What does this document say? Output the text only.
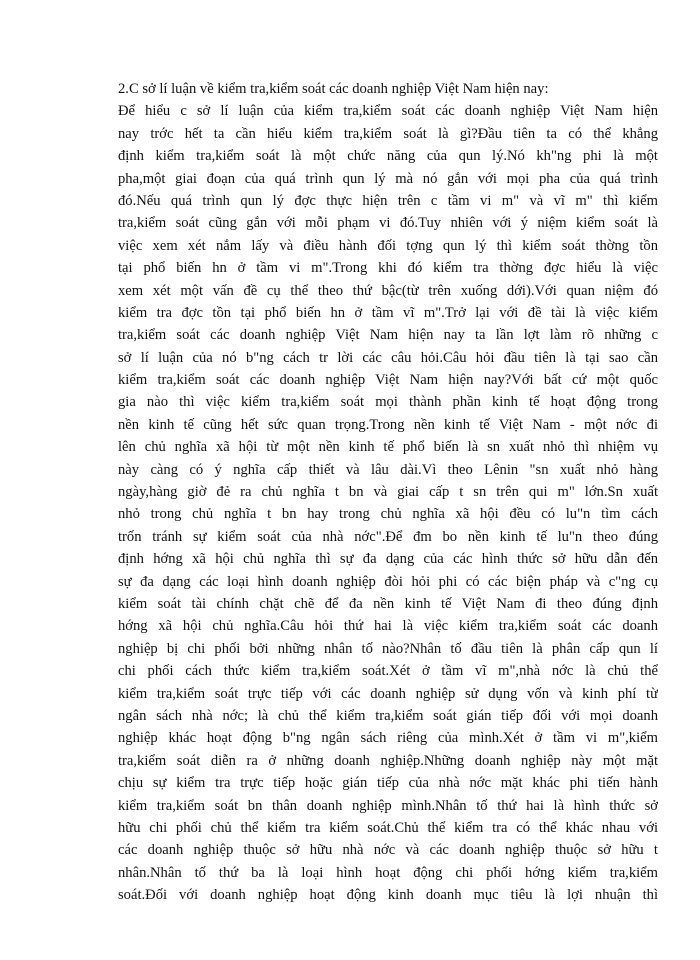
2.C sở lí luận về kiểm tra,kiểm soát các doanh nghiệp Việt Nam hiện nay:
Để hiểu c sở lí luận của kiểm tra,kiểm soát các doanh nghiệp Việt Nam hiện
nay trớc hết ta cần hiểu kiểm tra,kiểm soát là gì?Đầu tiên ta có thể khẳng
định kiểm tra,kiểm soát là một chức năng của qun lý.Nó kh"ng phi là một
pha,một giai đoạn của quá trình qun lý mà nó gắn với mọi pha của quá trình
đó.Nếu quá trình qun lý đợc thực hiện trên c tầm vi m" và vĩ m" thì kiểm
tra,kiểm soát cũng gắn với mỗi phạm vi đó.Tuy nhiên với ý niệm kiểm soát là
việc xem xét nắm lấy và điều hành đối tợng qun lý thì kiểm soát thờng tồn
tại phổ biến hn ở tầm vi m".Trong khi đó kiểm tra thờng đợc hiểu là việc
xem xét một vấn đề cụ thể theo thứ bậc(từ trên xuống dới).Với quan niệm đó
kiểm tra đợc tồn tại phổ biến hn ở tầm vĩ m".Trở lại với đề tài là việc kiểm
tra,kiểm soát các doanh nghiệp Việt Nam hiện nay ta lần lợt làm rõ những c
sở lí luận của nó b"ng cách tr lời các câu hỏi.Câu hỏi đầu tiên là tại sao cần
kiểm tra,kiểm soát các doanh nghiệp Việt Nam hiện nay?Với bất cứ một quốc
gia nào thì việc kiểm tra,kiểm soát mọi thành phần kinh tế hoạt động trong
nền kinh tế cũng hết sức quan trọng.Trong nền kinh tế Việt Nam - một nớc đi
lên chủ nghĩa xã hội từ một nền kinh tế phổ biến là sn xuất nhỏ thì nhiệm vụ
này càng có ý nghĩa cấp thiết và lâu dài.Vì theo Lênin "sn xuất nhỏ hàng
ngày,hàng giờ đẻ ra chủ nghĩa t bn và giai cấp t sn trên qui m" lớn.Sn xuất
nhỏ trong chủ nghĩa t bn hay trong chủ nghĩa xã hội đều có lu"n tìm cách
trốn tránh sự kiểm soát của nhà nớc".Để đm bo nền kinh tế lu"n theo đúng
định hớng xã hội chủ nghĩa thì sự đa dạng của các hình thức sở hữu dẫn đến
sự đa dạng các loại hình doanh nghiệp đòi hỏi phi có các biện pháp và c"ng cụ
kiểm soát tài chính chặt chẽ để đa nền kinh tế Việt Nam đi theo đúng định
hớng xã hội chủ nghĩa.Câu hỏi thứ hai là việc kiểm tra,kiểm soát các doanh
nghiệp bị chi phối bởi những nhân tố nào?Nhân tố đầu tiên là phân cấp qun lí
chi phối cách thức kiểm tra,kiểm soát.Xét ở tầm vĩ m",nhà nớc là chủ thể
kiểm tra,kiểm soát trực tiếp với các doanh nghiệp sử dụng vốn và kinh phí từ
ngân sách nhà nớc; là chủ thể kiểm tra,kiểm soát gián tiếp đối với mọi doanh
nghiệp khác hoạt động b"ng ngân sách riêng của mình.Xét ở tầm vi m",kiểm
tra,kiểm soát diễn ra ở những doanh nghiệp.Những doanh nghiệp này một mặt
chịu sự kiểm tra trực tiếp hoặc gián tiếp của nhà nớc mặt khác phi tiến hành
kiểm tra,kiểm soát bn thân doanh nghiệp mình.Nhân tố thứ hai là hình thức sở
hữu chi phối chủ thể kiểm tra kiểm soát.Chủ thể kiểm tra có thể khác nhau với
các doanh nghiệp thuộc sở hữu nhà nớc và các doanh nghiệp thuộc sở hữu t
nhân.Nhân tố thứ ba là loại hình hoạt động chi phối hớng kiểm tra,kiểm
soát.Đối với doanh nghiệp hoạt động kinh doanh mục tiêu là lợi nhuận thì
